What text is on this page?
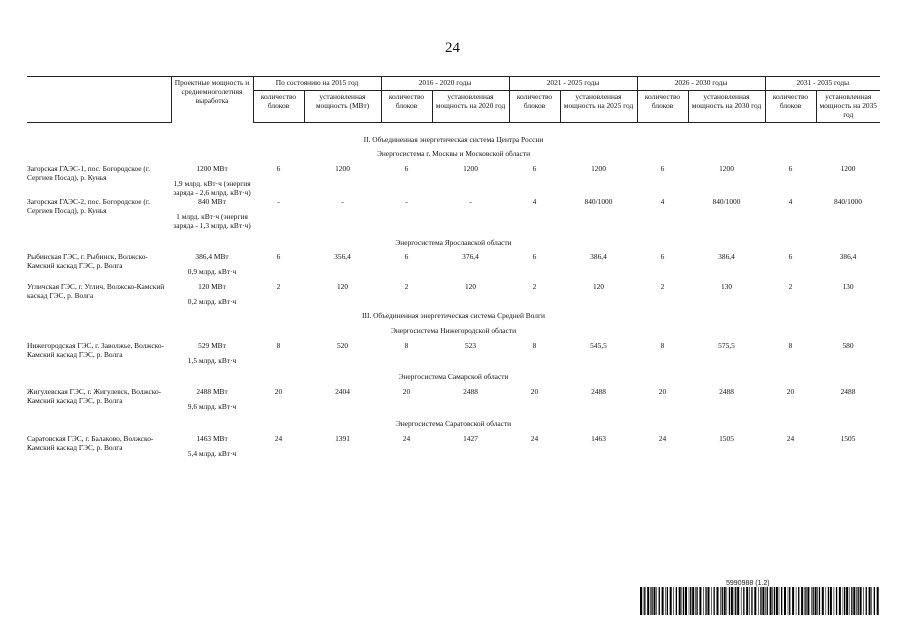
24
	Проектные мощность и среднемноголетняя выработка	По состоянию на 2015 год		2016 - 2020 годы		2021 - 2025 годы		2026 - 2030 годы		2031 - 2035 годы	
		количество блоков	установленная мощность (МВт)	количество блоков	установленная мощность на 2020 год	количество блоков	установленная мощность на 2025 год	количество блоков	установленная мощность на 2030 год	количество блоков	установленная мощность на 2035 год

II. Объединенная энергетическая система Центра России											
Энергосистема г. Москвы и Московской области											
Загорская ГАЭС-1, пос. Богородское (г. Сергиев Посад), р. Кунья	1200 МВт	6	1200	6	1200	6	1200	6	1200	6	1200
	1,9 млрд. кВт·ч (энергия заряда - 2,6 млрд. кВт·ч)										
Загорская ГАЭС-2, пос. Богородское (г. Сергиев Посад), р. Кунья	840 МВт	-	-	-	-	4	840/1000	4	840/1000	4	840/1000
	1 млрд. кВт·ч (энергия заряда - 1,3 млрд. кВт·ч)										
Энергосистема Ярославской области											
Рыбинская ГЭС, г. Рыбинск, Волжско-Камский каскад ГЭС, р. Волга	386,4 МВт	6	356,4	6	376,4	6	386,4	6	386,4	6	386,4
	0,9 млрд. кВт·ч										

Угличская ГЭС, г. Углич, Волжско-Камский каскад ГЭС, р. Волга	120 МВт	2	120	2	120	2	120	2	130	2	130
	0,2 млрд. кВт·ч										
III. Объединенная энергетическая система Средней Волги											
Энергосистема Нижегородской области											
Нижегородская ГЭС, г. Заволжье, Волжско-Камский каскад ГЭС, р. Волга	529 МВт	8	520	8	523	8	545,5	8	575,5	8	580
	1,5 млрд. кВт·ч										
Энергосистема Самарской области											
Жигулевская ГЭС, г. Жигулевск, Волжско-Камский каскад ГЭС, р. Волга	2488 МВт	20	2404	20	2488	20	2488	20	2488	20	2488
	9,6 млрд. кВт·ч										
Энергосистема Саратовской области											
Саратовская ГЭС, г. Балаково, Волжско-Камский каскад ГЭС, р. Волга	1463 МВт	24	1391	24	1427	24	1463	24	1505	24	1505
	5,4 млрд. кВт·ч										
5990988 (1.2)
